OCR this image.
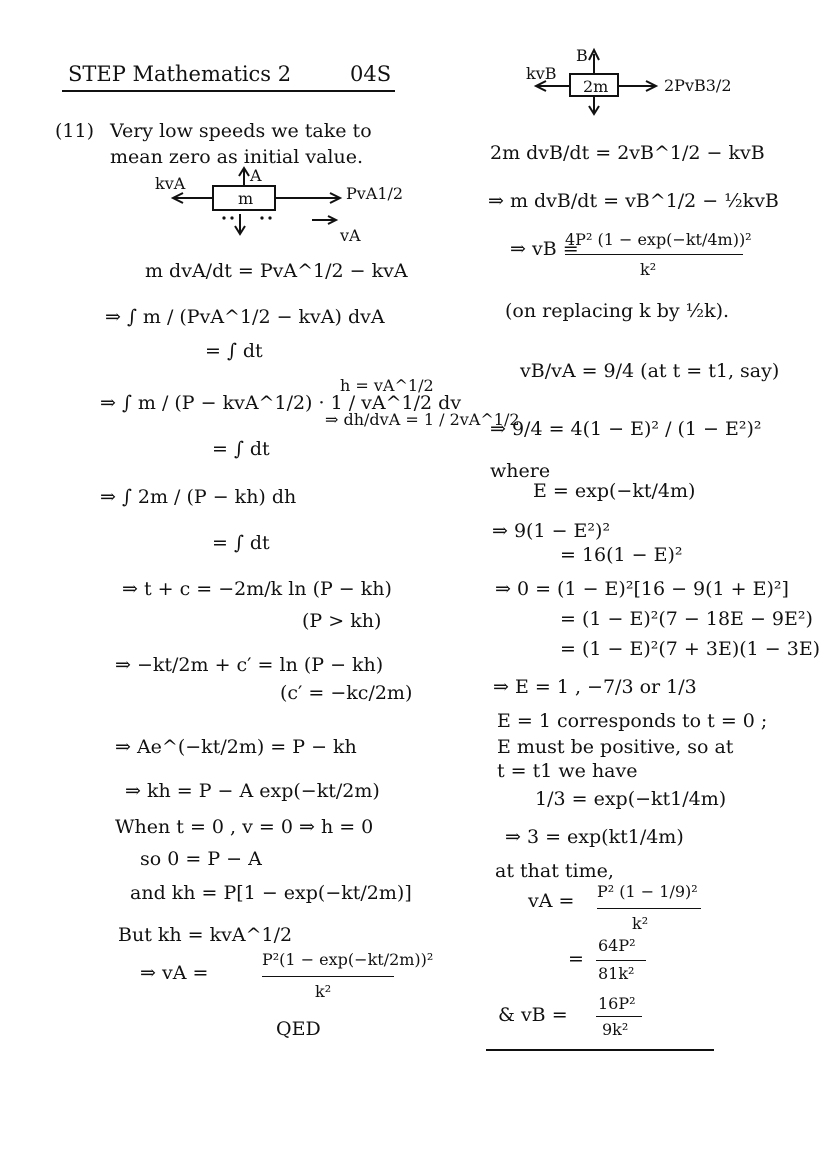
STEP Mathematics 2	04S
(11) Very low speeds we take to
mean zero as initial value.
m
A
kvA
PvA1/2
vA
m dvA/dt = PvA^1/2 − kvA
⇒ ∫ m / (PvA^1/2 − kvA) dvA
= ∫ dt
⇒ ∫ m / (P − kvA^1/2) · 1 / vA^1/2 dv
h = vA^1/2
⇒ dh/dvA = 1 / 2vA^1/2
= ∫ dt
⇒ ∫ 2m / (P − kh) dh
= ∫ dt
⇒ t + c = −2m/k ln (P − kh)
(P > kh)
⇒ −kt/2m + c′ = ln (P − kh)
(c′ = −kc/2m)
⇒ Ae^(−kt/2m) = P − kh
⇒ kh = P − A exp(−kt/2m)
When t = 0 , v = 0 ⇒ h = 0
so 0 = P − A
and kh = P[1 − exp(−kt/2m)]
But kh = kvA^1/2
⇒ vA =
P²(1 − exp(−kt/2m))²
k²
QED
2m
B
kvB
2PvB3/2
2m dvB/dt = 2vB^1/2 − kvB
⇒ m dvB/dt = vB^1/2 − ½kvB
⇒ vB =
4P² (1 − exp(−kt/4m))²
k²
(on replacing k by ½k).
vB/vA = 9/4 (at t = t1, say)
⇒ 9/4 = 4(1 − E)² / (1 − E²)²
where
E = exp(−kt/4m)
⇒ 9(1 − E²)²
= 16(1 − E)²
⇒ 0 = (1 − E)²[16 − 9(1 + E)²]
= (1 − E)²(7 − 18E − 9E²)
= (1 − E)²(7 + 3E)(1 − 3E)
⇒ E = 1 , −7/3 or 1/3
E = 1 corresponds to t = 0 ;
E must be positive, so at
t = t1 we have
1/3 = exp(−kt1/4m)
⇒ 3 = exp(kt1/4m)
at that time,
vA = P² (1 − 1/9)²
k²
=
64P²
81k²
& vB =
16P²
9k²
